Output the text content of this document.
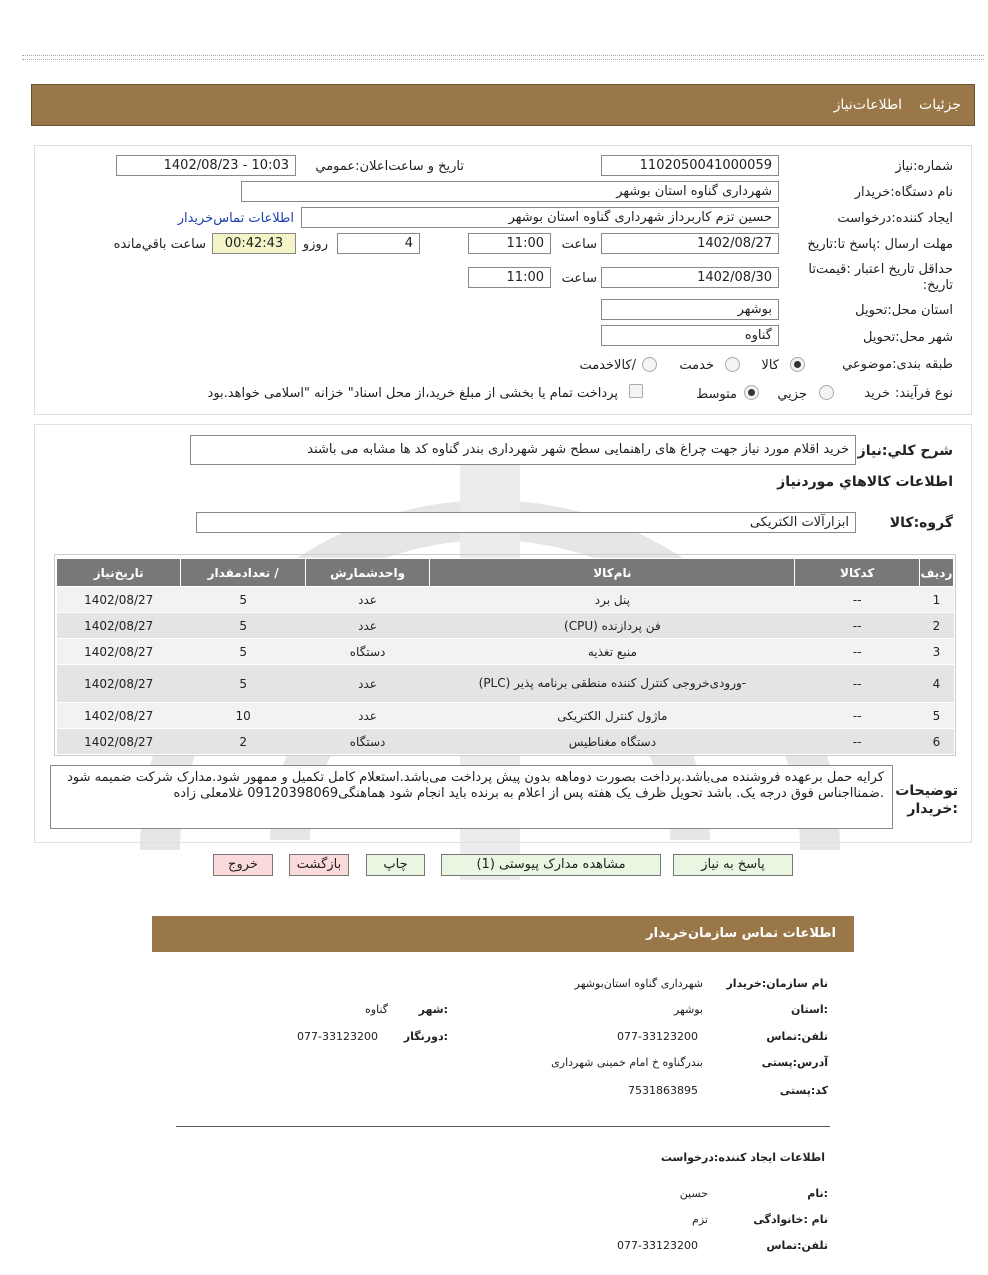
جزئيات
اطلاعات‌نياز
شماره:نياز
1102050041000059
تاريخ و ساعت‌اعلان:عمومي
1402/08/23 - 10:03
نام دستگاه:خريدار
شهرداری گناوه استان بوشهر
ایجاد کننده:درخواست
حسین تزم کاربرداز شهرداری گناوه استان بوشهر
اطلاعات تماس‌خريدار
مهلت ارسال :پاسخ تا:تاريخ
1402/08/27
ساعت
11:00
4
روزو
00:42:43
ساعت باقي‌مانده
حداقل تاريخ اعتبار :قيمت‌تا تاريخ:
1402/08/30
ساعت
11:00
استان محل:تحويل
بوشهر
شهر محل:تحويل
گناوه
طبقه بندی:موضوعي
کالا
خدمت
/کالاخدمت
نوع فرآيند:
خريد
جزيي
متوسط
پرداخت تمام يا بخشی از مبلغ خريد،از محل اسناد" خزانه "اسلامی خواهد.بود
شرح کلي:نياز
خرید اقلام مورد نیاز جهت چراغ های راهنمایی سطح شهر شهرداری بندر گناوه کد ها مشابه می باشند
اطلاعات كالاهاي موردنياز
گروه:کالا
ابزارآلات الکتریکی
رديف	کدکالا	نام‌کالا	واحدشمارش	/ تعدادمقدار	تاريخ‌نياز
1	--	پنل برد	عدد	5	1402/08/27
2	--	فن پردازنده (CPU)	عدد	5	1402/08/27
3	--	منبع تغذیه	دستگاه	5	1402/08/27
4	--	-ورودی‌خروجی کنترل کننده منطقی برنامه پذیر (PLC)	عدد	5	1402/08/27
5	--	ماژول کنترل الکتریکی	عدد	10	1402/08/27
6	--	دستگاه مغناطیس	دستگاه	2	1402/08/27
توضيحات :خريدار
کرایه حمل برعهده فروشنده می‌باشد.پرداخت بصورت دوماهه بدون پیش پرداخت می‌باشد.استعلام کامل تکمیل و ممهور شود.مدارک شرکت ضمیمه شود .ضمنااجناس فوق درجه یک. باشد تحویل ظرف یک هفته پس از اعلام به برنده باید انجام شود هماهنگی09120398069 غلامعلی زاده
پاسخ به نياز
مشاهده مدارک پيوستی (1)
چاپ
بازگشت
خروج
اطلاعات تماس سازمان‌خريدار
نام سازمان:خريدار
شهرداری گناوه استان‌بوشهر
:استان
بوشهر
:شهر
گناوه
تلفن:تماس
077-33123200
:دورنگار
077-33123200
آدرس:پستی
بندرگناوه خ امام خمینی شهرداری
کد:پستی
7531863895
اطلاعات ايجاد کننده:درخواست
:نام
حسين
نام :خانوادگی
تزم
تلفن:تماس
077-33123200
